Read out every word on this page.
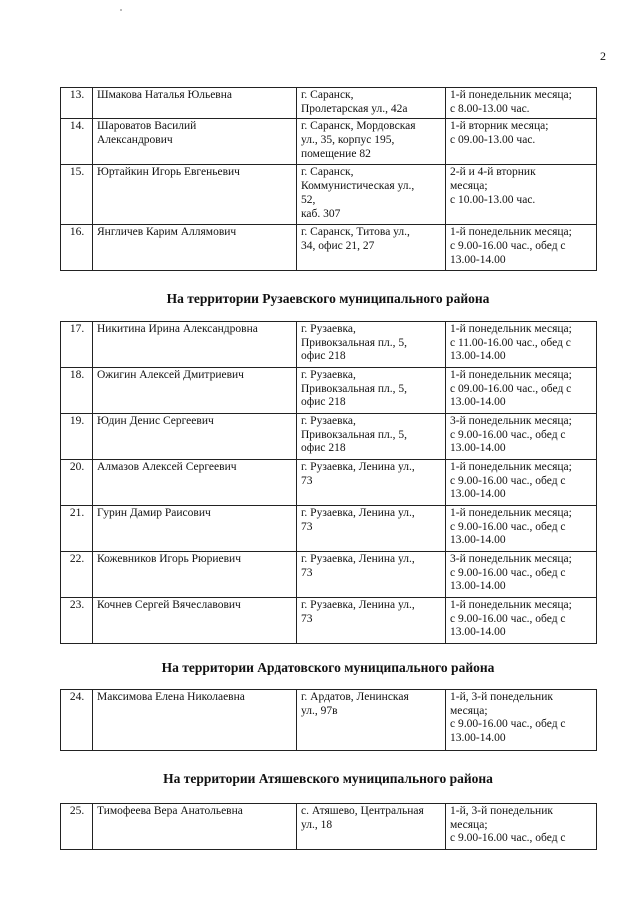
2
13.	Шмакова Наталья Юльевна	г. Саранск,
Пролетарская ул., 42а	1-й понедельник месяца;
с 8.00-13.00 час.
14.	Шароватов Василий
Александрович	г. Саранск, Мордовская
ул., 35, корпус 195,
помещение 82	1-й вторник месяца;
с 09.00-13.00 час.
15.	Юртайкин Игорь Евгеньевич	г. Саранск,
Коммунистическая ул.,
52,
каб. 307	2-й и 4-й вторник
месяца;
с 10.00-13.00 час.
16.	Янгличев Карим Аллямович	г. Саранск, Титова ул.,
34, офис 21, 27	1-й понедельник месяца;
с 9.00-16.00 час., обед с
13.00-14.00
На территории Рузаевского муниципального района
17.	Никитина Ирина Александровна	г. Рузаевка,
Привокзальная пл., 5,
офис 218	1-й понедельник месяца;
с 11.00-16.00 час., обед с
13.00-14.00
18.	Ожигин Алексей Дмитриевич	г. Рузаевка,
Привокзальная пл., 5,
офис 218	1-й понедельник месяца;
с 09.00-16.00 час., обед с
13.00-14.00
19.	Юдин Денис Сергеевич	г. Рузаевка,
Привокзальная пл., 5,
офис 218	3-й понедельник месяца;
с 9.00-16.00 час., обед с
13.00-14.00
20.	Алмазов Алексей Сергеевич	г. Рузаевка, Ленина ул.,
73	1-й понедельник месяца;
с 9.00-16.00 час., обед с
13.00-14.00
21.	Гурин Дамир Раисович	г. Рузаевка, Ленина ул.,
73	1-й понедельник месяца;
с 9.00-16.00 час., обед с
13.00-14.00
22.	Кожевников Игорь Рюриевич	г. Рузаевка, Ленина ул.,
73	3-й понедельник месяца;
с 9.00-16.00 час., обед с
13.00-14.00
23.	Кочнев Сергей Вячеславович	г. Рузаевка, Ленина ул.,
73	1-й понедельник месяца;
с 9.00-16.00 час., обед с
13.00-14.00
На территории Ардатовского муниципального района
24.	Максимова Елена Николаевна	г. Ардатов, Ленинская
ул., 97в	1-й, 3-й понедельник
месяца;
с 9.00-16.00 час., обед с
13.00-14.00
На территории Атяшевского муниципального района
25.	Тимофеева Вера Анатольевна	с. Атяшево, Центральная
ул., 18	1-й, 3-й понедельник
месяца;
с 9.00-16.00 час., обед с
